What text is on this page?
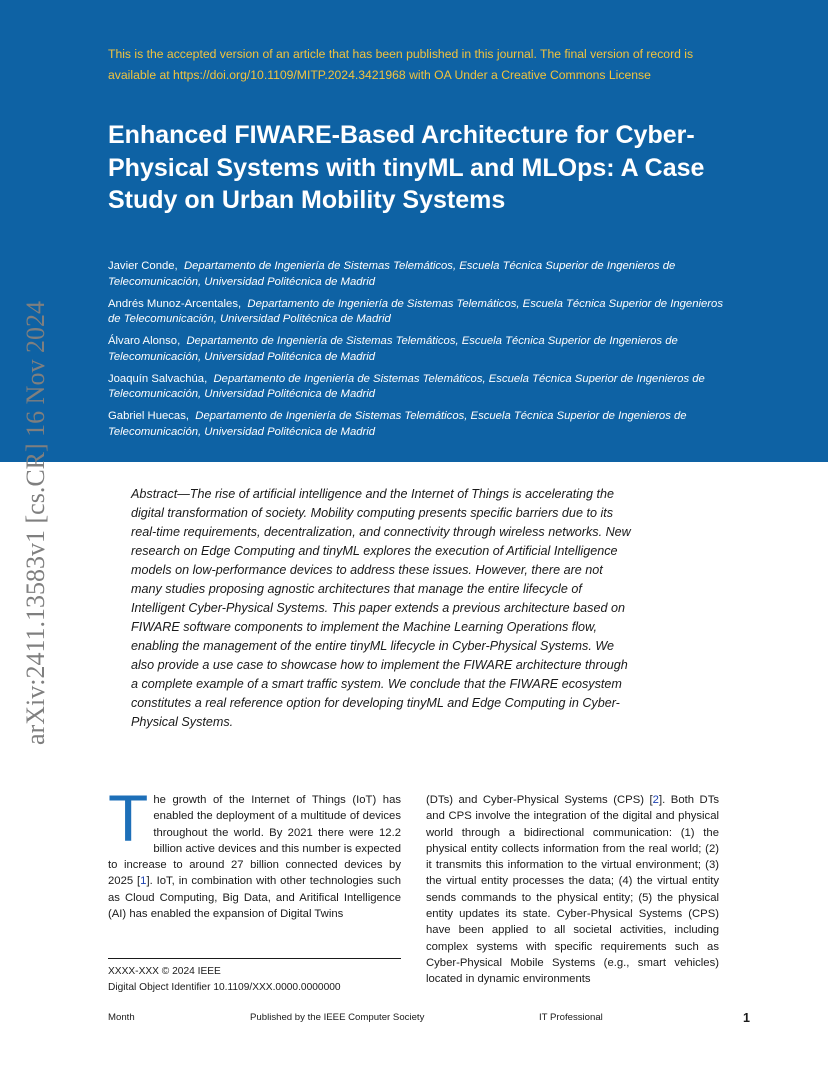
This is the accepted version of an article that has been published in this journal. The final version of record is available at https://doi.org/10.1109/MITP.2024.3421968 with OA Under a Creative Commons License
Enhanced FIWARE-Based Architecture for Cyber-Physical Systems with tinyML and MLOps: A Case Study on Urban Mobility Systems
Javier Conde, Departamento de Ingeniería de Sistemas Telemáticos, Escuela Técnica Superior de Ingenieros de Telecomunicación, Universidad Politécnica de Madrid
Andrés Munoz-Arcentales, Departamento de Ingeniería de Sistemas Telemáticos, Escuela Técnica Superior de Ingenieros de Telecomunicación, Universidad Politécnica de Madrid
Álvaro Alonso, Departamento de Ingeniería de Sistemas Telemáticos, Escuela Técnica Superior de Ingenieros de Telecomunicación, Universidad Politécnica de Madrid
Joaquín Salvachúa, Departamento de Ingeniería de Sistemas Telemáticos, Escuela Técnica Superior de Ingenieros de Telecomunicación, Universidad Politécnica de Madrid
Gabriel Huecas, Departamento de Ingeniería de Sistemas Telemáticos, Escuela Técnica Superior de Ingenieros de Telecomunicación, Universidad Politécnica de Madrid
arXiv:2411.13583v1 [cs.CR] 16 Nov 2024	Abstract—The rise of artificial intelligence and the Internet of Things is accelerating the digital transformation of society. Mobility computing presents specific barriers due to its real-time requirements, decentralization, and connectivity through wireless networks. New research on Edge Computing and tinyML explores the execution of Artificial Intelligence models on low-performance devices to address these issues. However, there are not many studies proposing agnostic architectures that manage the entire lifecycle of Intelligent Cyber-Physical Systems. This paper extends a previous architecture based on FIWARE software components to implement the Machine Learning Operations flow, enabling the management of the entire tinyML lifecycle in Cyber-Physical Systems. We also provide a use case to showcase how to implement the FIWARE architecture through a complete example of a smart traffic system. We conclude that the FIWARE ecosystem constitutes a real reference option for developing tinyML and Edge Computing in Cyber-Physical Systems.

The growth of the Internet of Things (IoT) has enabled the deployment of a multitude of devices throughout the world. By 2021 there were 12.2 billion active devices and this number is expected to increase to around 27 billion connected devices by 2025 [1]. IoT, in combination with other technologies such as Cloud Computing, Big Data, and Aritifical Intelligence (AI) has enabled the expansion of Digital Twins
(DTs) and Cyber-Physical Systems (CPS) [2]. Both DTs and CPS involve the integration of the digital and physical world through a bidirectional communication: (1) the physical entity collects information from the real world; (2) it transmits this information to the virtual environment; (3) the virtual entity processes the data; (4) the virtual entity sends commands to the physical entity; (5) the physical entity updates its state. Cyber-Physical Systems (CPS) have been applied to all societal activities, including complex systems with specific requirements such as Cyber-Physical Mobile Systems (e.g., smart vehicles) located in dynamic environments
XXXX-XXX © 2024 IEEE
Digital Object Identifier 10.1109/XXX.0000.0000000
Month	Published by the IEEE Computer Society	IT Professional	1
